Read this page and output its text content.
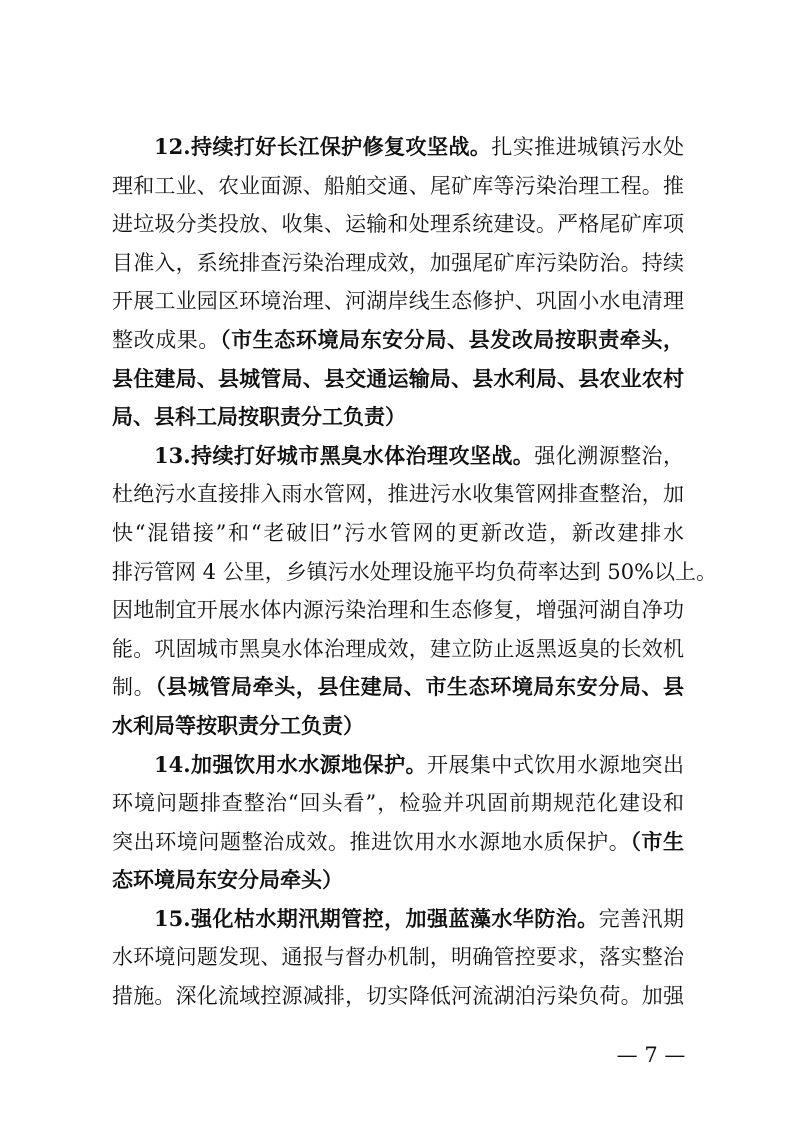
12.持续打好长江保护修复攻坚战。扎实推进城镇污水处
理和工业、农业面源、船舶交通、尾矿库等污染治理工程。推
进垃圾分类投放、收集、运输和处理系统建设。严格尾矿库项
目准入，系统排查污染治理成效，加强尾矿库污染防治。持续
开展工业园区环境治理、河湖岸线生态修护、巩固小水电清理
整改成果。（市生态环境局东安分局、县发改局按职责牵头，
县住建局、县城管局、县交通运输局、县水利局、县农业农村
局、县科工局按职责分工负责）
13.持续打好城市黑臭水体治理攻坚战。强化溯源整治，
杜绝污水直接排入雨水管网，推进污水收集管网排查整治，加
快“混错接”和“老破旧”污水管网的更新改造，新改建排水
排污管网 4 公里，乡镇污水处理设施平均负荷率达到 50%以上。
因地制宜开展水体内源污染治理和生态修复，增强河湖自净功
能。巩固城市黑臭水体治理成效，建立防止返黑返臭的长效机
制。（县城管局牵头，县住建局、市生态环境局东安分局、县
水利局等按职责分工负责）
14.加强饮用水水源地保护。开展集中式饮用水源地突出
环境问题排查整治“回头看”，检验并巩固前期规范化建设和
突出环境问题整治成效。推进饮用水水源地水质保护。（市生
态环境局东安分局牵头）
15.强化枯水期汛期管控，加强蓝藻水华防治。完善汛期
水环境问题发现、通报与督办机制，明确管控要求，落实整治
措施。深化流域控源减排，切实降低河流湖泊污染负荷。加强
— 7 —
